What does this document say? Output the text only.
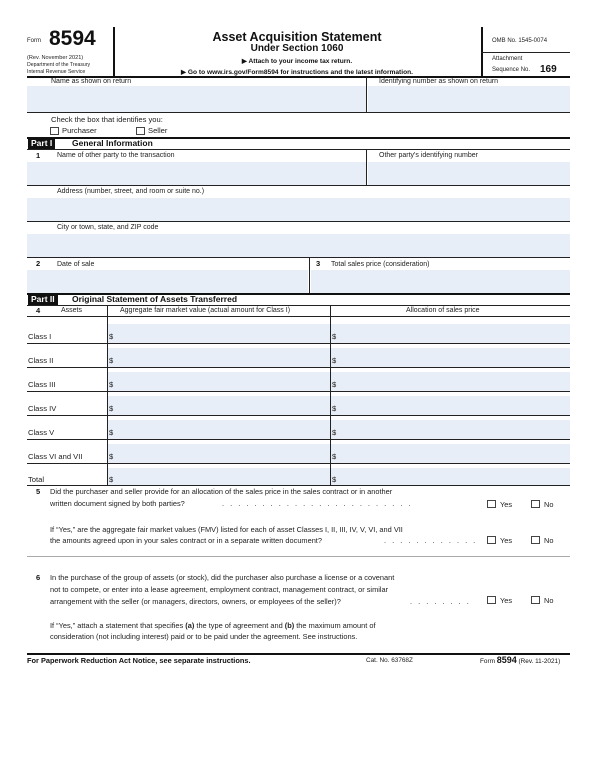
Form 8594
(Rev. November 2021)
Department of the Treasury
Internal Revenue Service
Asset Acquisition Statement
Under Section 1060
▶ Attach to your income tax return.
▶ Go to www.irs.gov/Form8594 for instructions and the latest information.
OMB No. 1545-0074
Attachment
Sequence No. 169
Name as shown on return	Identifying number as shown on return
Check the box that identifies you:
Purchaser	Seller
Part I	General Information
1 Name of other party to the transaction	Other party's identifying number
Address (number, street, and room or suite no.)
City or town, state, and ZIP code
2 Date of sale	3 Total sales price (consideration)
Part II	Original Statement of Assets Transferred
4	Assets	Aggregate fair market value (actual amount for Class I)	Allocation of sales price
Class I	$	$
Class II	$	$
Class III	$	$
Class IV	$	$
Class V	$	$
Class VI and VII	$	$
Total	$	$
5 Did the purchaser and seller provide for an allocation of the sales price in the sales contract or in another
written document signed by both parties?	. . . . . . . . . . . . . . . . . . . . . . . .	Yes	No
If “Yes,” are the aggregate fair market values (FMV) listed for each of asset Classes I, II, III, IV, V, VI, and VII
the amounts agreed upon in your sales contract or in a separate written document?	. . . . . . . . . . . .	Yes	No
6 In the purchase of the group of assets (or stock), did the purchaser also purchase a license or a covenant
not to compete, or enter into a lease agreement, employment contract, management contract, or similar
arrangement with the seller (or managers, directors, owners, or employees of the seller)?	. . . . . . . .	Yes	No
If “Yes,” attach a statement that specifies (a) the type of agreement and (b) the maximum amount of
consideration (not including interest) paid or to be paid under the agreement. See instructions.
For Paperwork Reduction Act Notice, see separate instructions.	Cat. No. 63768Z	Form 8594 (Rev. 11-2021)
